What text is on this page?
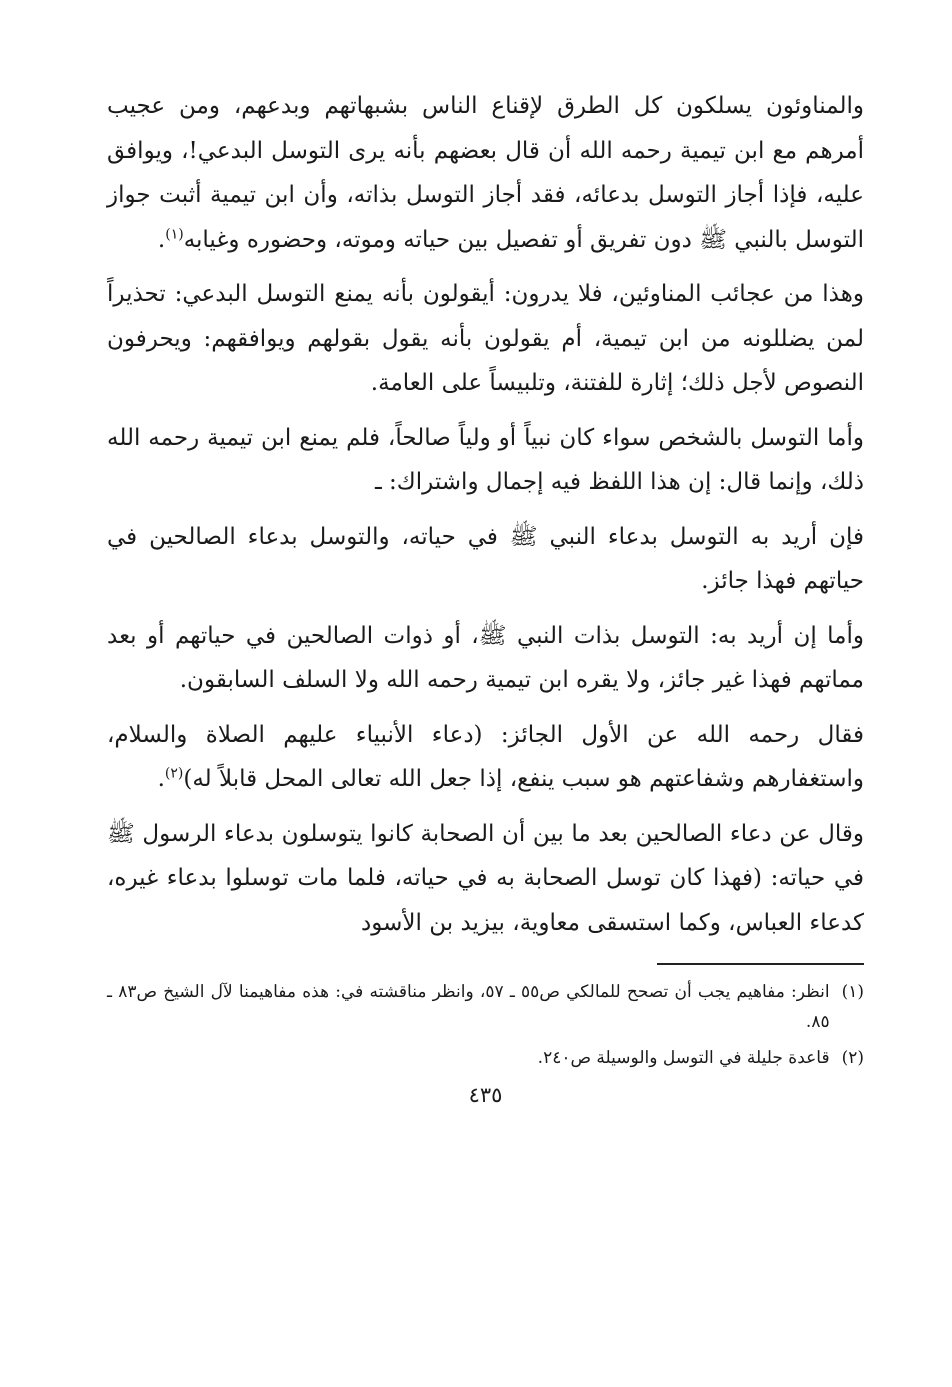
والمناوئون يسلكون كل الطرق لإقناع الناس بشبهاتهم وبدعهم، ومن عجيب أمرهم مع ابن تيمية رحمه الله أن قال بعضهم بأنه يرى التوسل البدعي!، ويوافق عليه، فإذا أجاز التوسل بدعائه، فقد أجاز التوسل بذاته، وأن ابن تيمية أثبت جواز التوسل بالنبي ﷺ دون تفريق أو تفصيل بين حياته وموته، وحضوره وغيابه$^{(١)}$.

وهذا من عجائب المناوئين، فلا يدرون: أيقولون بأنه يمنع التوسل البدعي: تحذيراً لمن يضللونه من ابن تيمية، أم يقولون بأنه يقول بقولهم ويوافقهم: ويحرفون النصوص لأجل ذلك؛ إثارة للفتنة، وتلبيساً على العامة.

وأما التوسل بالشخص سواء كان نبياً أو ولياً صالحاً، فلم يمنع ابن تيمية رحمه الله ذلك، وإنما قال: إن هذا اللفظ فيه إجمال واشتراك: ـ

فإن أريد به التوسل بدعاء النبي ﷺ في حياته، والتوسل بدعاء الصالحين في حياتهم فهذا جائز.

وأما إن أريد به: التوسل بذات النبي ﷺ، أو ذوات الصالحين في حياتهم أو بعد مماتهم فهذا غير جائز، ولا يقره ابن تيمية رحمه الله ولا السلف السابقون.

فقال رحمه الله عن الأول الجائز: (دعاء الأنبياء عليهم الصلاة والسلام، واستغفارهم وشفاعتهم هو سبب ينفع، إذا جعل الله تعالى المحل قابلاً له)$^{(٢)}$.

وقال عن دعاء الصالحين بعد ما بين أن الصحابة كانوا يتوسلون بدعاء الرسول ﷺ في حياته: (فهذا كان توسل الصحابة به في حياته، فلما مات توسلوا بدعاء غيره، كدعاء العباس، وكما استسقى معاوية، بيزيد بن الأسود

(١)
انظر: مفاهيم يجب أن تصحح للمالكي ص٥٥ ـ ٥٧، وانظر مناقشته في: هذه مفاهيمنا لآل الشيخ ص٨٣ ـ ٨٥.
(٢)
قاعدة جليلة في التوسل والوسيلة ص٢٤٠.
٤٣٥
